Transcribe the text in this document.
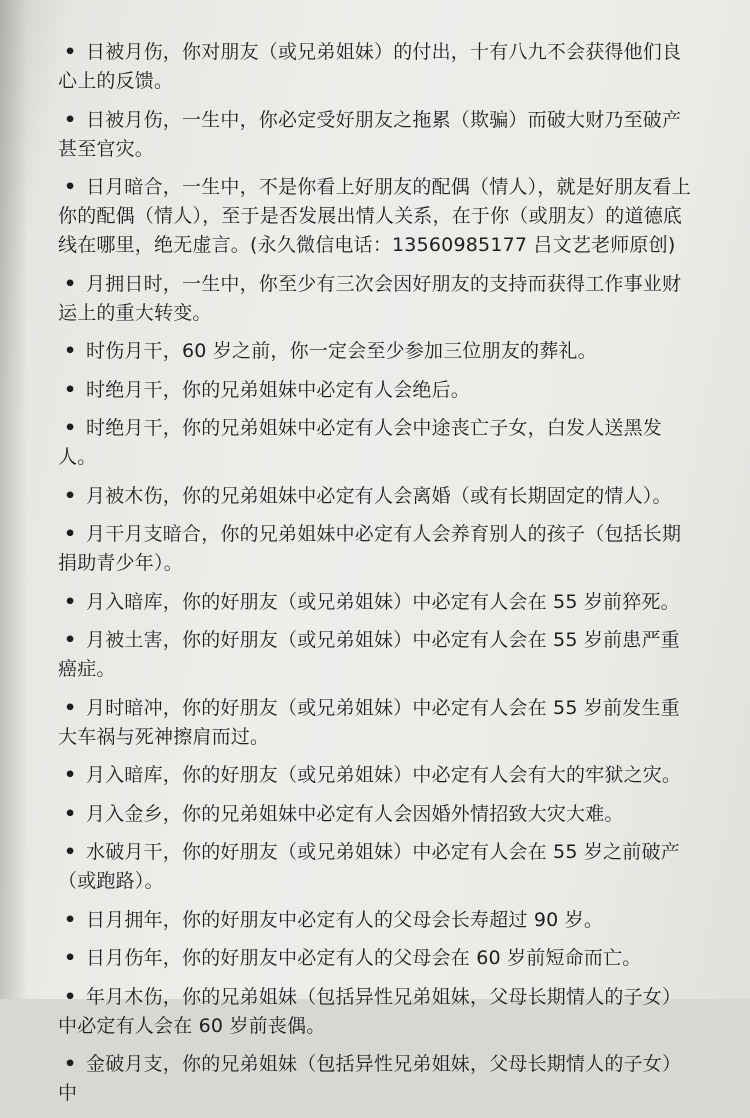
• 日被月伤，你对朋友（或兄弟姐妹）的付出，十有八九不会获得他们良心上的反馈。

• 日被月伤，一生中，你必定受好朋友之拖累（欺骗）而破大财乃至破产甚至官灾。

• 日月暗合，一生中，不是你看上好朋友的配偶（情人），就是好朋友看上你的配偶（情人），至于是否发展出情人关系，在于你（或朋友）的道德底线在哪里，绝无虚言。(永久微信电话：13560985177 吕文艺老师原创)

• 月拥日时，一生中，你至少有三次会因好朋友的支持而获得工作事业财运上的重大转变。

• 时伤月干，60 岁之前，你一定会至少参加三位朋友的葬礼。

• 时绝月干，你的兄弟姐妹中必定有人会绝后。

• 时绝月干，你的兄弟姐妹中必定有人会中途丧亡子女，白发人送黑发人。

• 月被木伤，你的兄弟姐妹中必定有人会离婚（或有长期固定的情人）。

• 月干月支暗合，你的兄弟姐妹中必定有人会养育别人的孩子（包括长期捐助青少年）。

• 月入暗库，你的好朋友（或兄弟姐妹）中必定有人会在 55 岁前猝死。

• 月被土害，你的好朋友（或兄弟姐妹）中必定有人会在 55 岁前患严重癌症。

• 月时暗冲，你的好朋友（或兄弟姐妹）中必定有人会在 55 岁前发生重大车祸与死神擦肩而过。

• 月入暗库，你的好朋友（或兄弟姐妹）中必定有人会有大的牢狱之灾。

• 月入金乡，你的兄弟姐妹中必定有人会因婚外情招致大灾大难。

• 水破月干，你的好朋友（或兄弟姐妹）中必定有人会在 55 岁之前破产（或跑路）。

• 日月拥年，你的好朋友中必定有人的父母会长寿超过 90 岁。

• 日月伤年，你的好朋友中必定有人的父母会在 60 岁前短命而亡。

• 年月木伤，你的兄弟姐妹（包括异性兄弟姐妹，父母长期情人的子女）中必定有人会在 60 岁前丧偶。

• 金破月支，你的兄弟姐妹（包括异性兄弟姐妹，父母长期情人的子女）中
